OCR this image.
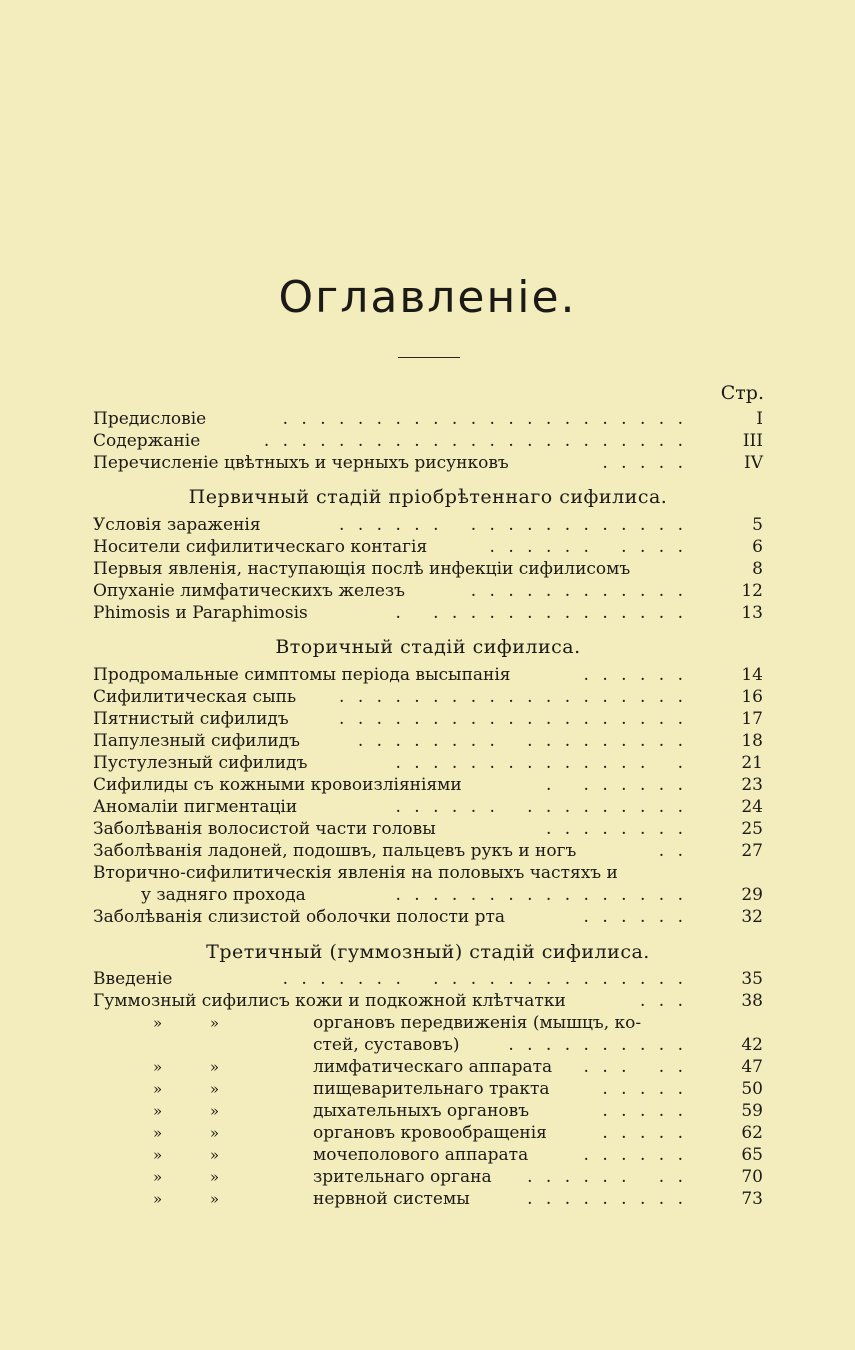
Оглавленіе.
Стр.
Предисловіе	. . . . . . . . . . . . . . . . . . . . . .	I
Содержаніе	. . . . . . . . . . . . . . . . . . . . . . .	III
Перечисленіе цвѣтныхъ и черныхъ рисунковъ	. . . . .	IV
Первичный стадій пріобрѣтеннаго сифилиса.
Условія зараженія	. . . . . .   . . . . . . . . . . . .	5
Носители сифилитическаго контагія	. . . . . .   . . . .	6
Первыя явленія, наступающія послѣ инфекціи сифилисомъ	8
Опуханіе лимфатическихъ железъ	. . . . . . . . . . . .	12
Phimosis и Paraphimosis	.   . . . . . . . . . . . . . .	13
Вторичный стадій сифилиса.
Продромальные симптомы періода высыпанія	. . . . . .	14
Сифилитическая сыпь	. . . . . . . . . . . . . . . . . . .	16
Пятнистый сифилидъ	. . . . . . . . . . . . . . . . . . .	17
Папулезный сифилидъ	. . . . . . . .   . . . . . . . . .	18
Пустулезный сифилидъ	. . . . . . . . . . . . . .   .	21
Сифилиды съ кожными кровоизліяніями	.   . . . . . .	23
Аномаліи пигментаціи	. . . . . .   . . . . . . . . .	24
Заболѣванія волосистой части головы	. . . . . . . .	25
Заболѣванія ладоней, подошвъ, пальцевъ рукъ и ногъ	. .	27
Вторично-сифилитическія явленія на половыхъ частяхъ и
у задняго прохода	. . . . . . . . . . . . . . . .	29
Заболѣванія слизистой оболочки полости рта	. . . . . .	32
Третичный (гуммозный) стадій сифилиса.
Введеніе	. . . . . . .   . . . . . . . . . . . . . .	35
Гуммозный сифилисъ кожи и подкожной клѣтчатки	. . .	38
»          »	органовъ передвиженія (мышцъ, ко-
стей, суставовъ)	. . . . . . . . . .	42
»          »	лимфатическаго аппарата . . .   . .	47
»          »	пищеварительнаго тракта	. . . . .	50
»          »	дыхательныхъ органовъ	. . . . .	59
»          »	органовъ кровообращенія	. . . . .	62
»          »	мочеполового аппарата	. . . . . .	65
»          »	зрительнаго органа . . . . . .   . .	70
»          »	нервной системы	. . . . . . . . .	73
